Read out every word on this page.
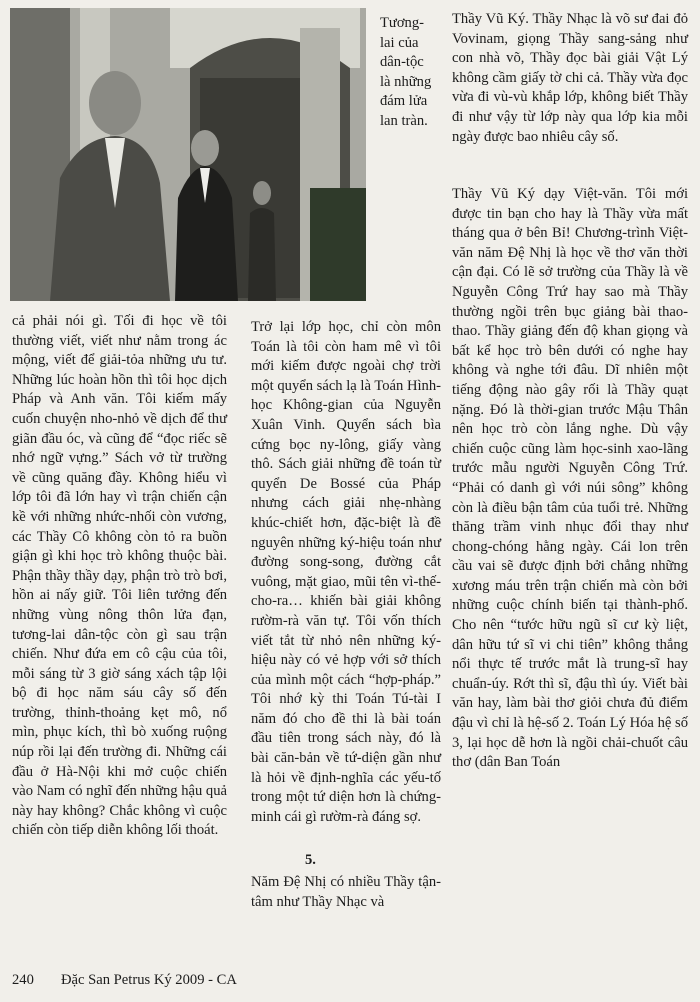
Tương-
lai của
dân-tộc
là những
đám lửa
lan tràn.

cả phải nói gì. Tối đi học về tôi thường viết, viết như nằm trong ác mộng, viết để giải-tỏa những ưu tư. Những lúc hoàn hồn thì tôi học dịch Pháp và Anh văn. Tôi kiếm mấy cuốn chuyện nho-nhỏ về dịch để thư giãn đầu óc, và cũng để “đọc riếc sẽ nhớ ngữ vựng.” Sách vở từ trường về cũng quăng đầy. Không hiểu vì lớp tôi đã lớn hay vì trận chiến cận kề với những nhức-nhối còn vương, các Thầy Cô không còn tỏ ra buồn giận gì khi học trò không thuộc bài. Phận thầy thầy dạy, phận trò trò bơi, hồn ai nấy giữ. Tôi liên tưởng đến những vùng nông thôn lửa đạn, tương-lai dân-tộc còn gì sau trận chiến. Như đứa em cô cậu của tôi, mỗi sáng từ 3 giờ sáng xách tập lội bộ đi học năm sáu cây số đến trường, thỉnh-thoảng kẹt mô, nổ mìn, phục kích, thì bò xuống ruộng núp rồi lại đến trường đi. Những cái đầu ở Hà-Nội khi mở cuộc chiến vào Nam có nghĩ đến những hậu quả này hay không? Chắc không vì cuộc chiến còn tiếp diễn không lối thoát.

Trở lại lớp học, chỉ còn môn Toán là tôi còn ham mê vì tôi mới kiếm được ngoài chợ trời một quyển sách lạ là Toán Hình-học Không-gian của Nguyễn Xuân Vinh. Quyển sách bìa cứng bọc ny-lông, giấy vàng thô. Sách giải những đề toán từ quyển De Bossé của Pháp nhưng cách giải nhẹ-nhàng khúc-chiết hơn, đặc-biệt là đề nguyên những ký-hiệu toán như đường song-song, đường cắt vuông, mặt giao, mũi tên vì-thế-cho-ra… khiến bài giải không rườm-rà văn tự. Tôi vốn thích viết tắt từ nhỏ nên những ký-hiệu này có vẻ hợp với sở thích của mình một cách “hợp-pháp.” Tôi nhớ kỳ thi Toán Tú-tài I năm đó cho đề thi là bài toán đầu tiên trong sách này, đó là bài căn-bản về tứ-diện gần như là hỏi về định-nghĩa các yếu-tố trong một tứ diện hơn là chứng-minh cái gì rườm-rà đáng sợ.

5.

Năm Đệ Nhị có nhiều Thầy tận-tâm như Thầy Nhạc và

Thầy Vũ Ký. Thầy Nhạc là võ sư đai đỏ Vovinam, giọng Thầy sang-sảng như con nhà võ, Thầy đọc bài giải Vật Lý không cầm giấy tờ chi cả. Thầy vừa đọc vừa đi vù-vù khắp lớp, không biết Thầy đi như vậy từ lớp này qua lớp kia mỗi ngày được bao nhiêu cây số.

Thầy Vũ Ký dạy Việt-văn. Tôi mới được tin bạn cho hay là Thầy vừa mất tháng qua ở bên Bỉ! Chương-trình Việt-văn năm Đệ Nhị là học về thơ văn thời cận đại. Có lẽ sở trường của Thầy là về Nguyễn Công Trứ hay sao mà Thầy thường ngồi trên bục giảng bài thao-thao. Thầy giảng đến độ khan giọng và bất kể học trò bên dưới có nghe hay không và nghe tới đâu. Dĩ nhiên một tiếng động nào gây rối là Thầy quạt nặng. Đó là thời-gian trước Mậu Thân nên học trò còn lắng nghe. Dù vậy chiến cuộc cũng làm học-sinh xao-lãng trước mẫu người Nguyễn Công Trứ. “Phải có danh gì với núi sông” không còn là điều bận tâm của tuổi trẻ. Những thăng trầm vinh nhục đổi thay như chong-chóng hằng ngày. Cái lon trên cầu vai sẽ được định bởi chẳng những xương máu trên trận chiến mà còn bởi những cuộc chính biến tại thành-phố. Cho nên “tước hữu ngũ sĩ cư kỳ liệt, dân hữu tứ sĩ vi chi tiên” không thắng nổi thực tế trước mắt là trung-sĩ hay chuẩn-úy. Rớt thì sĩ, đậu thì úy. Viết bài văn hay, làm bài thơ giỏi chưa đủ điểm đậu vì chỉ là hệ-số 2. Toán Lý Hóa hệ số 3, lại học dễ hơn là ngồi chải-chuốt câu thơ (dân Ban Toán

240 Đặc San Petrus Ký 2009 - CA
